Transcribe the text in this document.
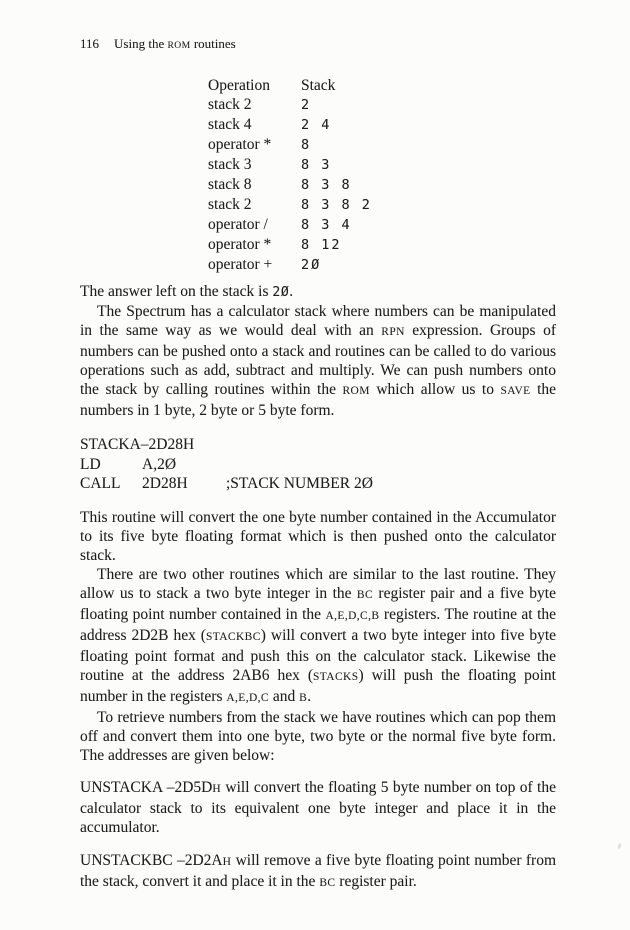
116 Using the ROM routines
Operation	Stack
stack 2	2
stack 4	2 4
operator *	8
stack 3	8 3
stack 8	8 3 8
stack 2	8 3 8 2
operator /	8 3 4
operator *	8 12
operator +	2Ø

The answer left on the stack is 2Ø.

The Spectrum has a calculator stack where numbers can be manipulated in the same way as we would deal with an RPN expression. Groups of numbers can be pushed onto a stack and routines can be called to do various operations such as add, subtract and multiply. We can push numbers onto the stack by calling routines within the ROM which allow us to SAVE the numbers in 1 byte, 2 byte or 5 byte form.

STACKA–2D28H
LD	A,2Ø
CALL 2D28H ;STACK NUMBER 2Ø

This routine will convert the one byte number contained in the Accumulator to its five byte floating format which is then pushed onto the calculator stack.

There are two other routines which are similar to the last routine. They allow us to stack a two byte integer in the BC register pair and a five byte floating point number contained in the A,E,D,C,B registers. The routine at the address 2D2B hex (STACKBC) will convert a two byte integer into five byte floating point format and push this on the calculator stack. Likewise the routine at the address 2AB6 hex (STACKS) will push the floating point number in the registers A,E,D,C and B.

To retrieve numbers from the stack we have routines which can pop them off and convert them into one byte, two byte or the normal five byte form. The addresses are given below:

UNSTACKA –2D5DH will convert the floating 5 byte number on top of the calculator stack to its equivalent one byte integer and place it in the accumulator.

UNSTACKBC –2D2AH will remove a five byte floating point number from the stack, convert it and place it in the BC register pair.
